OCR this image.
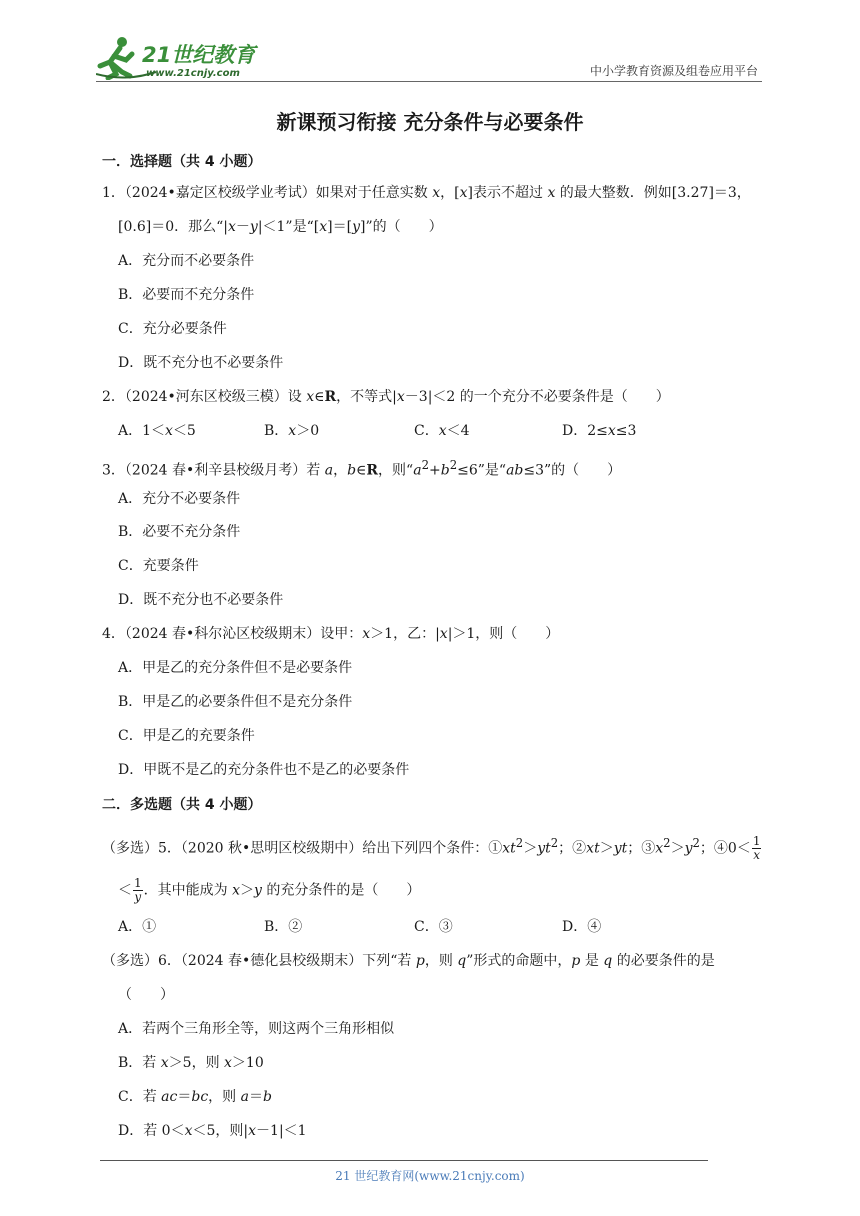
21世纪教育
www.21cnjy.com	中小学教育资源及组卷应用平台
新课预习衔接 充分条件与必要条件
一．选择题（共 4 小题）
1．（2024•嘉定区校级学业考试）如果对于任意实数 x，[x]表示不超过 x 的最大整数．例如[3.27]＝3，
[0.6]＝0．那么“|x－y|＜1”是“[x]＝[y]”的（　　）
A．充分而不必要条件
B．必要而不充分条件
C．充分必要条件
D．既不充分也不必要条件
2．（2024•河东区校级三模）设 x∈R，不等式|x－3|＜2 的一个充分不必要条件是（　　）
A．1＜x＜5	B．x＞0	C．x＜4	D．2≤x≤3
3．（2024 春•利辛县校级月考）若 a，b∈R，则“$a^2+b^2\le 6$”是“ab≤3”的（　　）
A．充分不必要条件
B．必要不充分条件
C．充要条件
D．既不充分也不必要条件
4．（2024 春•科尔沁区校级期末）设甲：x＞1，乙：|x|＞1，则（　　）
A．甲是乙的充分条件但不是必要条件
B．甲是乙的必要条件但不是充分条件
C．甲是乙的充要条件
D．甲既不是乙的充分条件也不是乙的必要条件
二．多选题（共 4 小题）
（多选）5．（2020 秋•思明区校级期中）给出下列四个条件：$①xt^2>yt^2$；②xt＞yt；$③x^2>y^2$；④0＜ $\frac{1}{x}$
＜ $\frac{1}{y}$ ．其中能成为 x＞y 的充分条件的是（　　）
A．①	B．②	C．③	D．④
（多选）6．（2024 春•德化县校级期末）下列“若 p，则 q”形式的命题中，p 是 q 的必要条件的是
（　　）
A．若两个三角形全等，则这两个三角形相似
B．若 x＞5，则 x＞10
C．若 ac＝bc，则 a＝b
D．若 0＜x＜5，则|x－1|＜1
21 世纪教育网(www.21cnjy.com)
